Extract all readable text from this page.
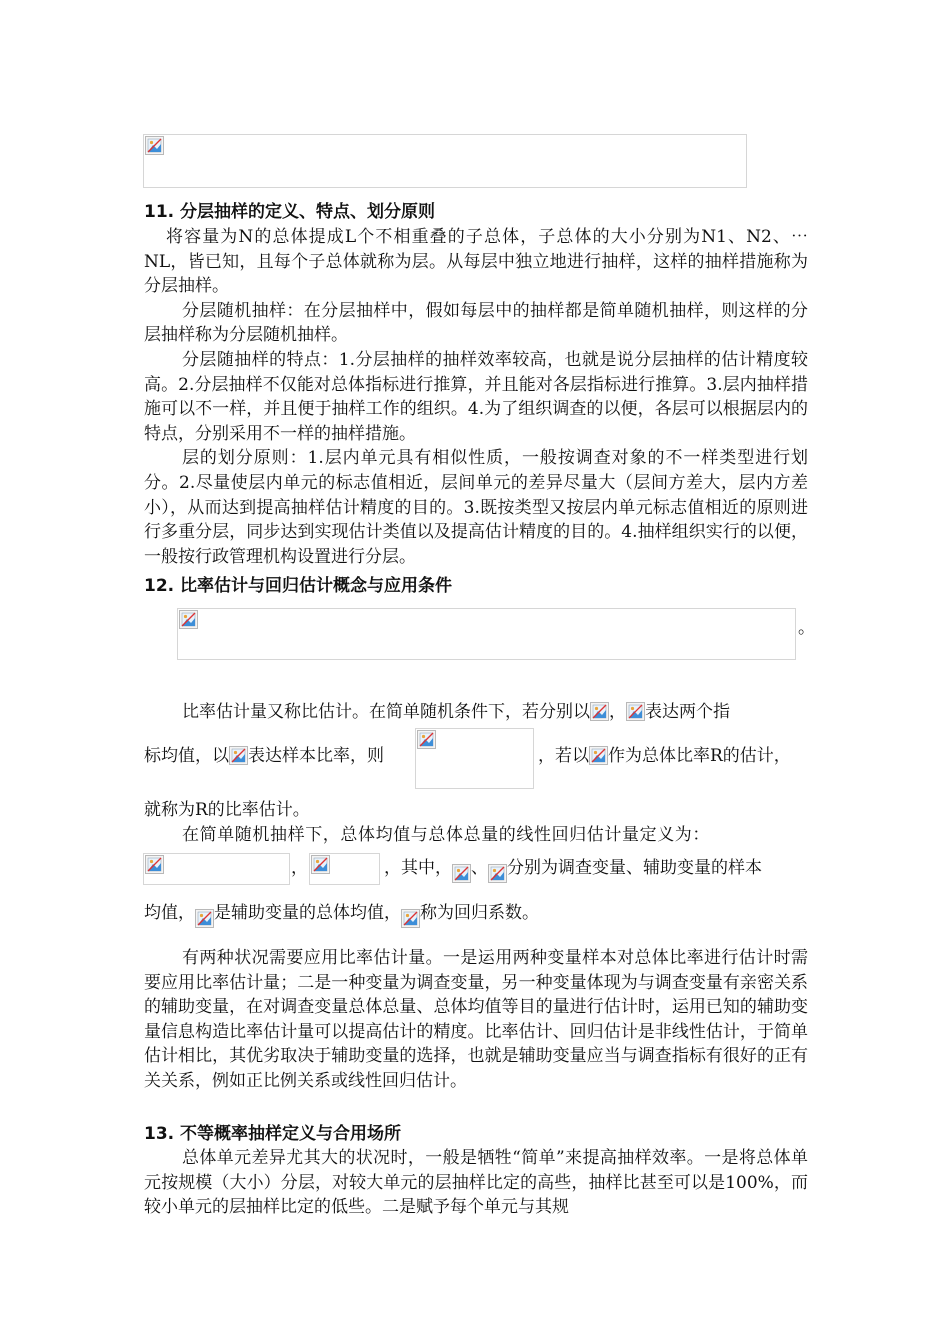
11. 分层抽样的定义、特点、划分原则

将容量为N的总体提成L个不相重叠的子总体，子总体的大小分别为N1、N2、⋯ NL，皆已知，且每个子总体就称为层。从每层中独立地进行抽样，这样的抽样措施称为分层抽样。

分层随机抽样：在分层抽样中，假如每层中的抽样都是简单随机抽样，则这样的分层抽样称为分层随机抽样。

分层随抽样的特点：1.分层抽样的抽样效率较高，也就是说分层抽样的估计精度较高。2.分层抽样不仅能对总体指标进行推算，并且能对各层指标进行推算。3.层内抽样措施可以不一样，并且便于抽样工作的组织。4.为了组织调查的以便，各层可以根据层内的特点，分别采用不一样的抽样措施。

层的划分原则：1.层内单元具有相似性质，一般按调查对象的不一样类型进行划分。2.尽量使层内单元的标志值相近，层间单元的差异尽量大（层间方差大，层内方差小），从而达到提高抽样估计精度的目的。3.既按类型又按层内单元标志值相近的原则进行多重分层，同步达到实现估计类值以及提高估计精度的目的。4.抽样组织实行的以便，一般按行政管理机构设置进行分层。

12. 比率估计与回归估计概念与应用条件
。
比率估计量又称比估计。在简单随机条件下，若分别以 ， 表达两个指
标均值，以 表达样本比率，则	，若以 作为总体比率R的估计，

就称为R的比率估计。

在简单随机抽样下，总体均值与总体总量的线性回归估计量定义为：

，	，其中， 、 分别为调查变量、辅助变量的样本
均值， 是辅助变量的总体均值， 称为回归系数。

有两种状况需要应用比率估计量。一是运用两种变量样本对总体比率进行估计时需要应用比率估计量；二是一种变量为调查变量，另一种变量体现为与调查变量有亲密关系的辅助变量，在对调查变量总体总量、总体均值等目的量进行估计时，运用已知的辅助变量信息构造比率估计量可以提高估计的精度。比率估计、回归估计是非线性估计，于简单估计相比，其优劣取决于辅助变量的选择，也就是辅助变量应当与调查指标有很好的正有关关系，例如正比例关系或线性回归估计。

13. 不等概率抽样定义与合用场所

总体单元差异尤其大的状况时，一般是牺牲“简单”来提高抽样效率。一是将总体单元按规模（大小）分层，对较大单元的层抽样比定的高些，抽样比甚至可以是100%，而较小单元的层抽样比定的低些。二是赋予每个单元与其规
